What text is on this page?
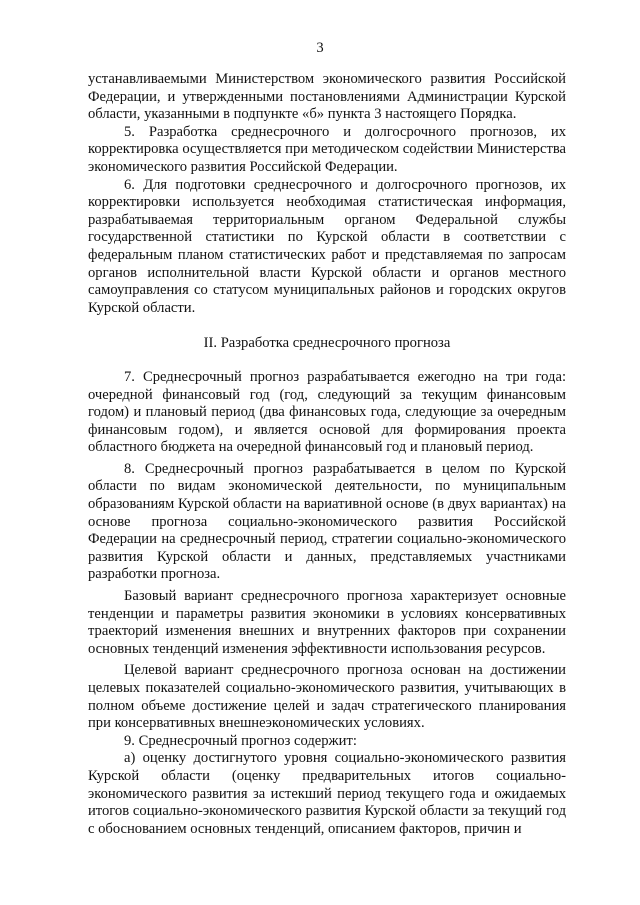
3

устанавливаемыми Министерством экономического развития Российской Федерации, и утвержденными постановлениями Администрации Курской области, указанными в подпункте «б» пункта 3 настоящего Порядка.

5. Разработка среднесрочного и долгосрочного прогнозов, их корректировка осуществляется при методическом содействии Министерства экономического развития Российской Федерации.

6. Для подготовки среднесрочного и долгосрочного прогнозов, их корректировки используется необходимая статистическая информация, разрабатываемая территориальным органом Федеральной службы государственной статистики по Курской области в соответствии с федеральным планом статистических работ и представляемая по запросам органов исполнительной власти Курской области и органов местного самоуправления со статусом муниципальных районов и городских округов Курской области.

II. Разработка среднесрочного прогноза

7. Среднесрочный прогноз разрабатывается ежегодно на три года: очередной финансовый год (год, следующий за текущим финансовым годом) и плановый период (два финансовых года, следующие за очередным финансовым годом), и является основой для формирования проекта областного бюджета на очередной финансовый год и плановый период.

8. Среднесрочный прогноз разрабатывается в целом по Курской области по видам экономической деятельности, по муниципальным образованиям Курской области на вариативной основе (в двух вариантах) на основе прогноза социально-экономического развития Российской Федерации на среднесрочный период, стратегии социально-экономического развития Курской области и данных, представляемых участниками разработки прогноза.

Базовый вариант среднесрочного прогноза характеризует основные тенденции и параметры развития экономики в условиях консервативных траекторий изменения внешних и внутренних факторов при сохранении основных тенденций изменения эффективности использования ресурсов.

Целевой вариант среднесрочного прогноза основан на достижении целевых показателей социально-экономического развития, учитывающих в полном объеме достижение целей и задач стратегического планирования при консервативных внешнеэкономических условиях.

9. Среднесрочный прогноз содержит:

а) оценку достигнутого уровня социально-экономического развития Курской области (оценку предварительных итогов социально-экономического развития за истекший период текущего года и ожидаемых итогов социально-экономического развития Курской области за текущий год с обоснованием основных тенденций, описанием факторов, причин и
